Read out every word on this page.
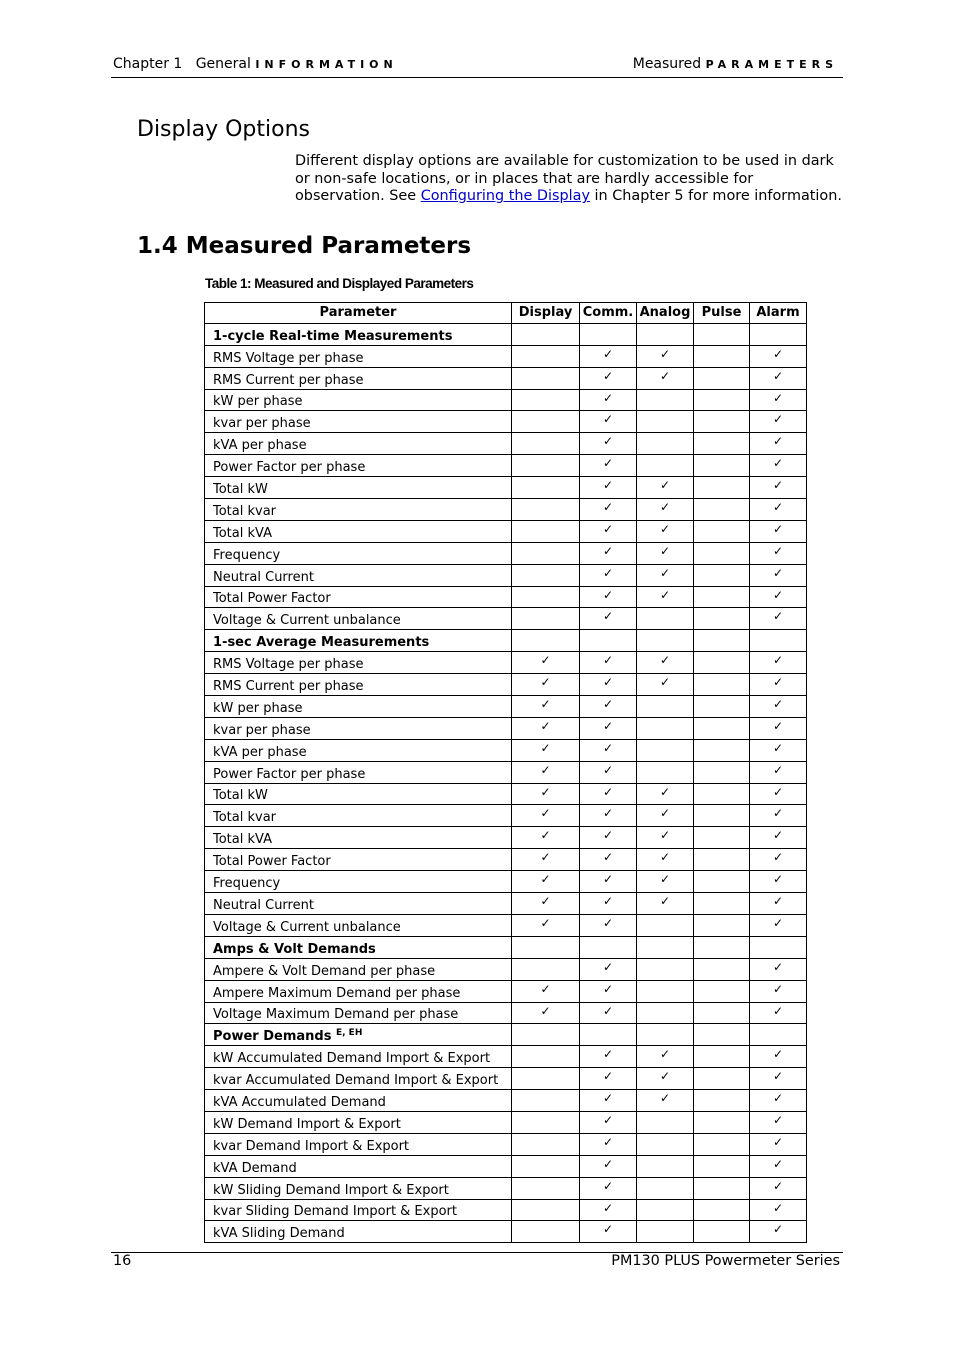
Chapter 1 General INFORMATION	Measured PARAMETERS
Display Options
Different display options are available for customization to be used in dark or non-safe locations, or in places that are hardly accessible for observation. See Configuring the Display in Chapter 5 for more information.
1.4 Measured Parameters
Table 1: Measured and Displayed Parameters
Parameter	Display	Comm.	Analog	Pulse	Alarm
1-cycle Real-time Measurements					
RMS Voltage per phase		✓	✓		✓
RMS Current per phase		✓	✓		✓
kW per phase		✓			✓
kvar per phase		✓			✓
kVA per phase		✓			✓
Power Factor per phase		✓			✓
Total kW		✓	✓		✓
Total kvar		✓	✓		✓
Total kVA		✓	✓		✓
Frequency		✓	✓		✓
Neutral Current		✓	✓		✓
Total Power Factor		✓	✓		✓
Voltage & Current unbalance		✓			✓
1-sec Average Measurements					
RMS Voltage per phase	✓	✓	✓		✓
RMS Current per phase	✓	✓	✓		✓
kW per phase	✓	✓			✓
kvar per phase	✓	✓			✓
kVA per phase	✓	✓			✓
Power Factor per phase	✓	✓			✓
Total kW	✓	✓	✓		✓
Total kvar	✓	✓	✓		✓
Total kVA	✓	✓	✓		✓
Total Power Factor	✓	✓	✓		✓
Frequency	✓	✓	✓		✓
Neutral Current	✓	✓	✓		✓
Voltage & Current unbalance	✓	✓			✓
Amps & Volt Demands					
Ampere & Volt Demand per phase		✓			✓
Ampere Maximum Demand per phase	✓	✓			✓
Voltage Maximum Demand per phase	✓	✓			✓
Power Demands $^{E, EH}$					
kW Accumulated Demand Import & Export		✓	✓		✓
kvar Accumulated Demand Import & Export		✓	✓		✓
kVA Accumulated Demand		✓	✓		✓
kW Demand Import & Export		✓			✓
kvar Demand Import & Export		✓			✓
kVA Demand		✓			✓
kW Sliding Demand Import & Export		✓			✓
kvar Sliding Demand Import & Export		✓			✓
kVA Sliding Demand		✓			✓
16	PM130 PLUS Powermeter Series
